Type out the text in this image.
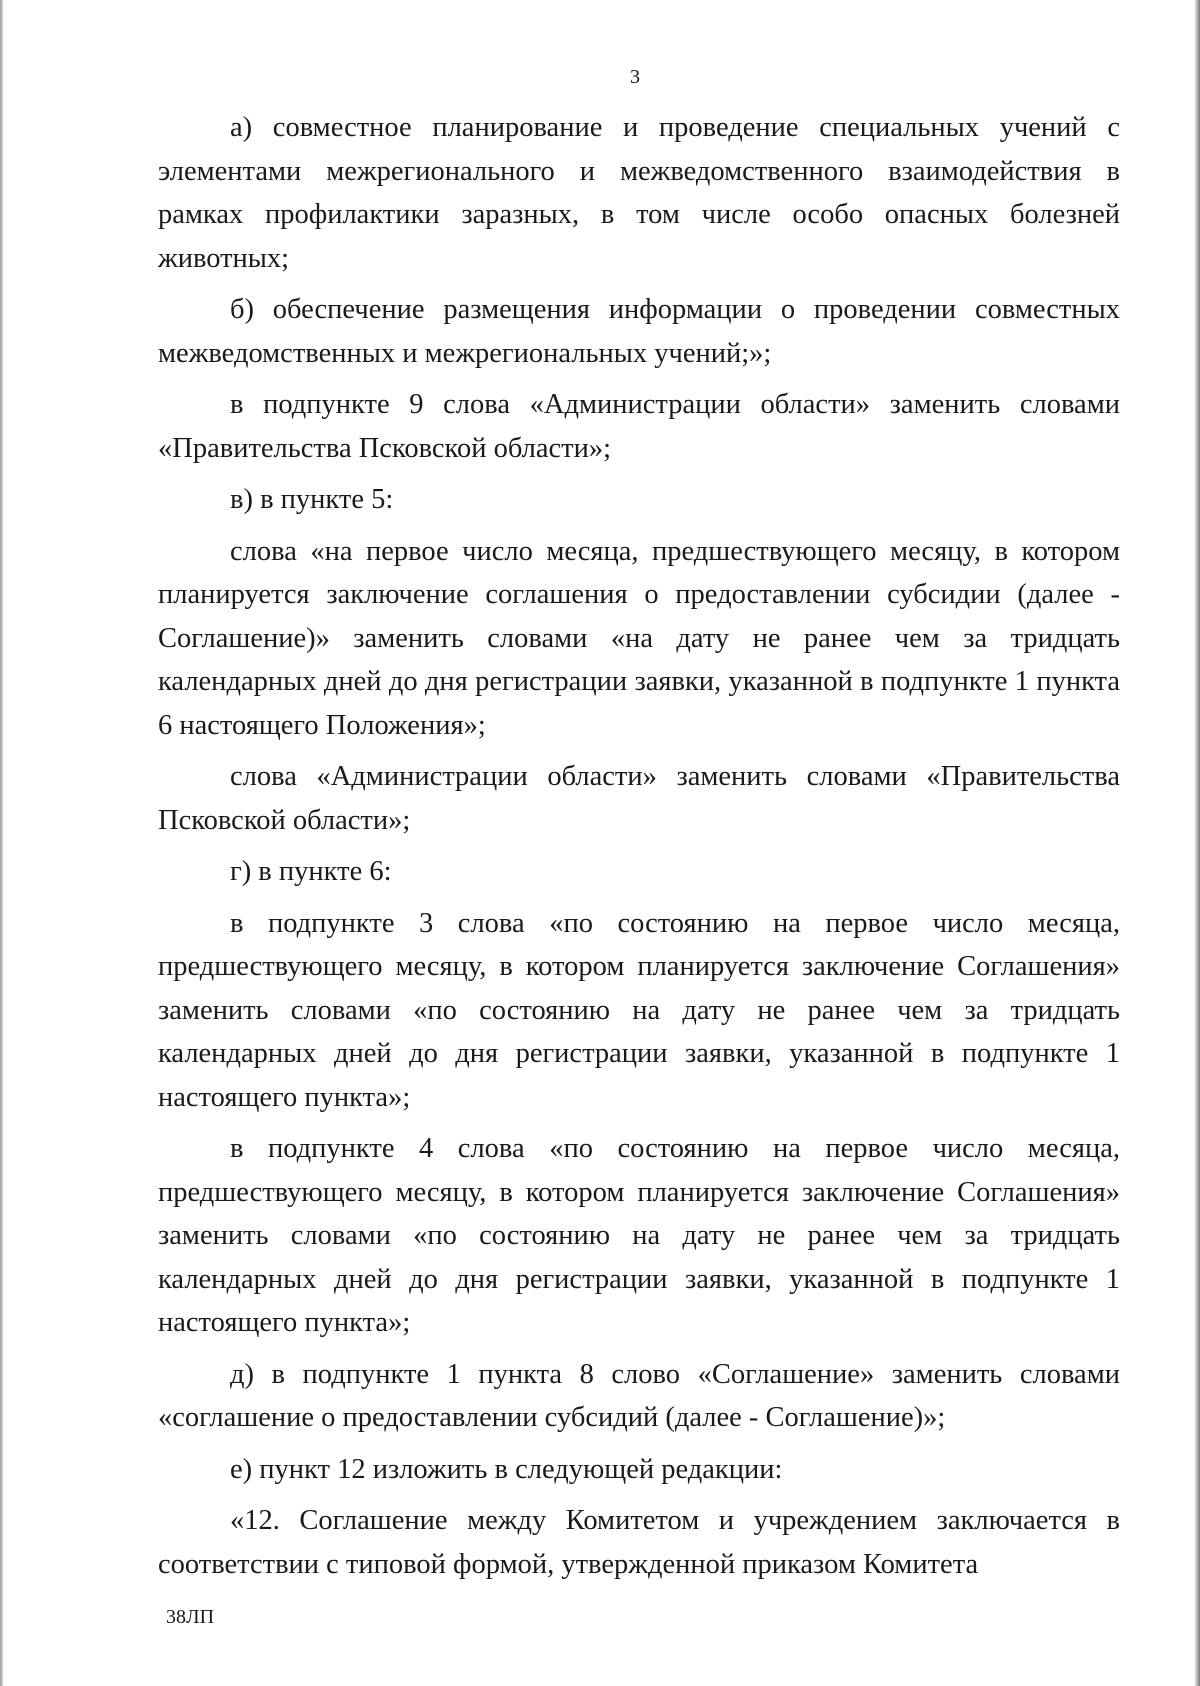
3

а) совместное планирование и проведение специальных учений с элементами межрегионального и межведомственного взаимодействия в рамках профилактики заразных, в том числе особо опасных болезней животных;

б) обеспечение размещения информации о проведении совместных межведомственных и межрегиональных учений;»;

в подпункте 9 слова «Администрации области» заменить словами «Правительства Псковской области»;

в) в пункте 5:

слова «на первое число месяца, предшествующего месяцу, в котором планируется заключение соглашения о предоставлении субсидии (далее - Соглашение)» заменить словами «на дату не ранее чем за тридцать календарных дней до дня регистрации заявки, указанной в подпункте 1 пункта 6 настоящего Положения»;

слова «Администрации области» заменить словами «Правительства Псковской области»;

г) в пункте 6:

в подпункте 3 слова «по состоянию на первое число месяца, предшествующего месяцу, в котором планируется заключение Соглашения» заменить словами «по состоянию на дату не ранее чем за тридцать календарных дней до дня регистрации заявки, указанной в подпункте 1 настоящего пункта»;

в подпункте 4 слова «по состоянию на первое число месяца, предшествующего месяцу, в котором планируется заключение Соглашения» заменить словами «по состоянию на дату не ранее чем за тридцать календарных дней до дня регистрации заявки, указанной в подпункте 1 настоящего пункта»;

д) в подпункте 1 пункта 8 слово «Соглашение» заменить словами «соглашение о предоставлении субсидий (далее - Соглашение)»;

е) пункт 12 изложить в следующей редакции:

«12. Соглашение между Комитетом и учреждением заключается в соответствии с типовой формой, утвержденной приказом Комитета

38ЛП
